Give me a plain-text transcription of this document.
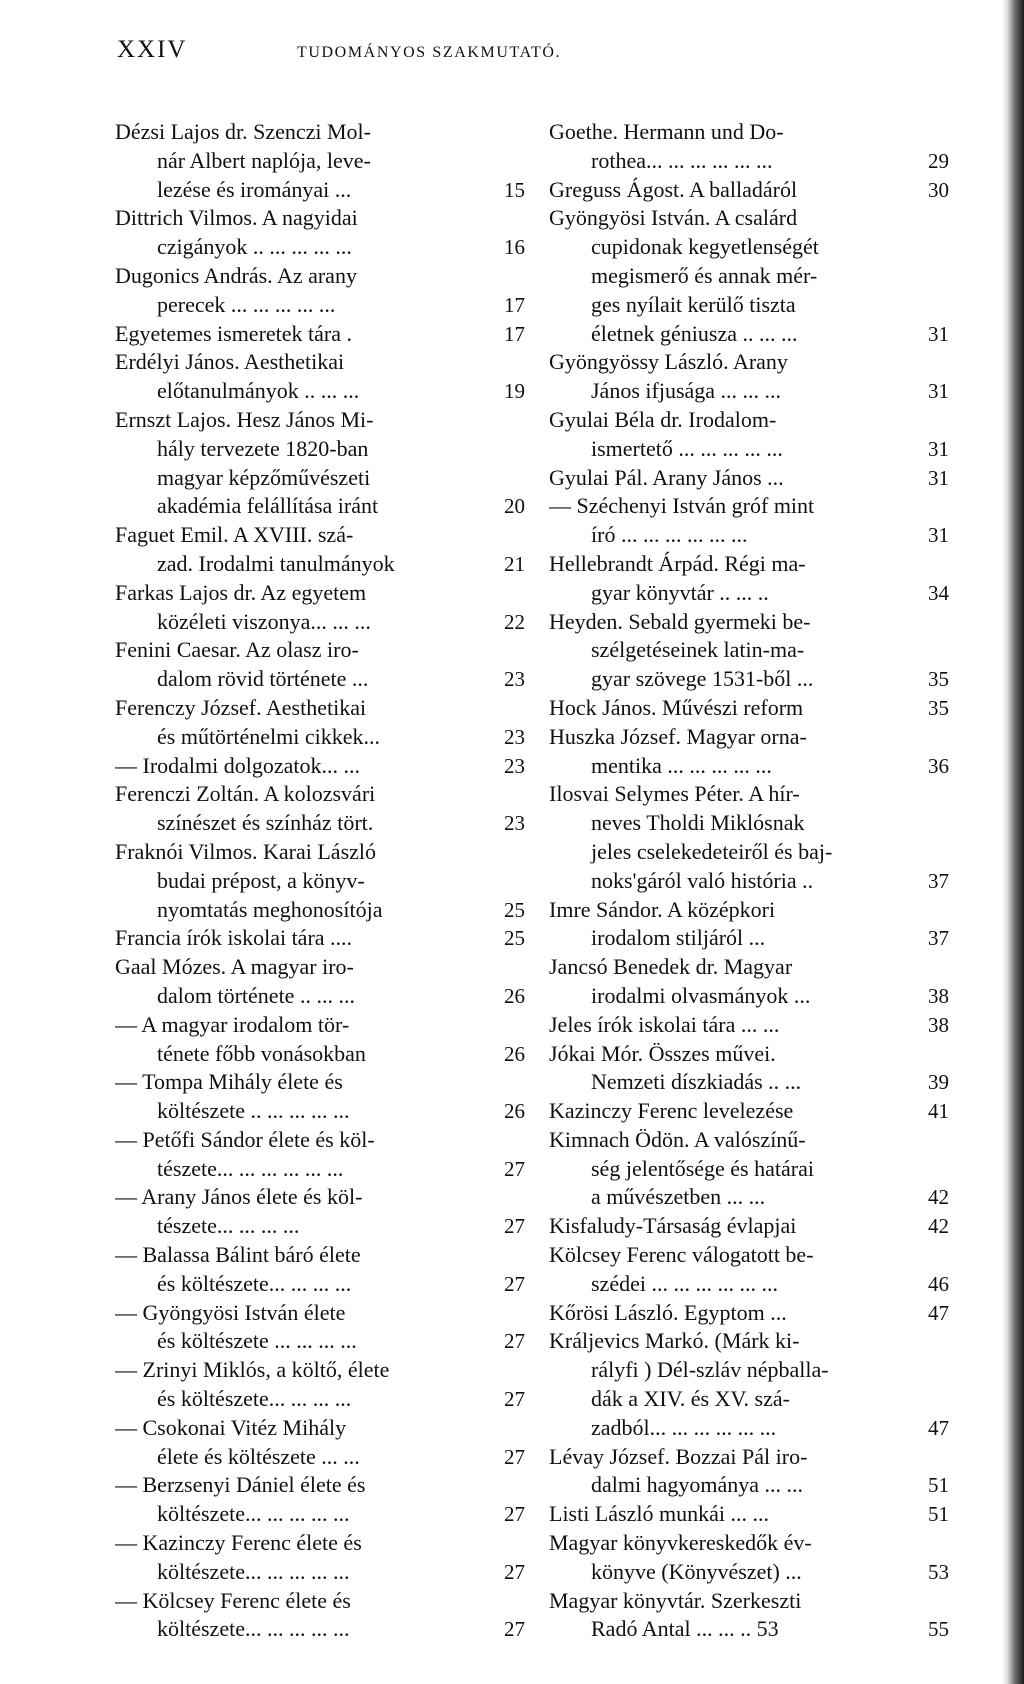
XXIV	TUDOMÁNYOS SZAKMUTATÓ.
Dézsi Lajos dr. Szenczi Mol-
nár Albert naplója, leve-
lezése és irományai ...	15
Dittrich Vilmos. A nagyidai
czigányok .. ... ... ... ...	16
Dugonics András. Az arany
perecek ... ... ... ... ...	17
Egyetemes ismeretek tára .	17
Erdélyi János. Aesthetikai
előtanulmányok .. ... ...	19
Ernszt Lajos. Hesz János Mi-
hály tervezete 1820-ban
magyar képzőművészeti
akadémia felállítása iránt	20
Faguet Emil. A XVIII. szá-
zad. Irodalmi tanulmányok	21
Farkas Lajos dr. Az egyetem
közéleti viszonya... ... ...	22
Fenini Caesar. Az olasz iro-
dalom rövid története ...	23
Ferenczy József. Aesthetikai
és műtörténelmi cikkek...	23
— Irodalmi dolgozatok... ...	23
Ferenczi Zoltán. A kolozsvári
színészet és színház tört.	23
Fraknói Vilmos. Karai László
budai prépost, a könyv-
nyomtatás meghonosítója	25
Francia írók iskolai tára ....	25
Gaal Mózes. A magyar iro-
dalom története .. ... ...	26
— A magyar irodalom tör-
ténete főbb vonásokban	26
— Tompa Mihály élete és
költészete .. ... ... ... ...	26
— Petőfi Sándor élete és köl-
tészete... ... ... ... ... ...	27
— Arany János élete és köl-
tészete... ... ... ...	27
— Balassa Bálint báró élete
és költészete... ... ... ...	27
— Gyöngyösi István élete
és költészete ... ... ... ...	27
— Zrinyi Miklós, a költő, élete
és költészete... ... ... ...	27
— Csokonai Vitéz Mihály
élete és költészete ... ...	27
— Berzsenyi Dániel élete és
költészete... ... ... ... ...	27
— Kazinczy Ferenc élete és
költészete... ... ... ... ...	27
— Kölcsey Ferenc élete és
költészete... ... ... ... ...	27
Goethe. Hermann und Do-
rothea... ... ... ... ... ...	29
Greguss Ágost. A balladáról	30
Gyöngyösi István. A csalárd
cupidonak kegyetlenségét
megismerő és annak mér-
ges nyílait kerülő tiszta
életnek géniusza .. ... ...	31
Gyöngyössy László. Arany
János ifjusága ... ... ...	31
Gyulai Béla dr. Irodalom-
ismertető ... ... ... ... ...	31
Gyulai Pál. Arany János ...	31
— Széchenyi István gróf mint
író ... ... ... ... ... ...	31
Hellebrandt Árpád. Régi ma-
gyar könyvtár .. ... ..	34
Heyden. Sebald gyermeki be-
szélgetéseinek latin-ma-
gyar szövege 1531-ből ...	35
Hock János. Művészi reform	35
Huszka József. Magyar orna-
mentika ... ... ... ... ...	36
Ilosvai Selymes Péter. A hír-
neves Tholdi Miklósnak
jeles cselekedeteiről és baj-
noks'gáról való história ..	37
Imre Sándor. A középkori
irodalom stiljáról ...	37
Jancsó Benedek dr. Magyar
irodalmi olvasmányok ...	38
Jeles írók iskolai tára ... ...	38
Jókai Mór. Összes művei.
Nemzeti díszkiadás .. ...	39
Kazinczy Ferenc levelezése	41
Kimnach Ödön. A valószínű-
ség jelentősége és határai
a művészetben ... ...	42
Kisfaludy-Társaság évlapjai	42
Kölcsey Ferenc válogatott be-
szédei ... ... ... ... ... ...	46
Kőrösi László. Egyptom ...	47
Králjevics Markó. (Márk ki-
rályfi ) Dél-szláv népballa-
dák a XIV. és XV. szá-
zadból... ... ... ... ... ...	47
Lévay József. Bozzai Pál iro-
dalmi hagyománya ... ...	51
Listi László munkái ... ...	51
Magyar könyvkereskedők év-
könyve (Könyvészet) ...	53
Magyar könyvtár. Szerkeszti
Radó Antal ... ... .. 53	55
